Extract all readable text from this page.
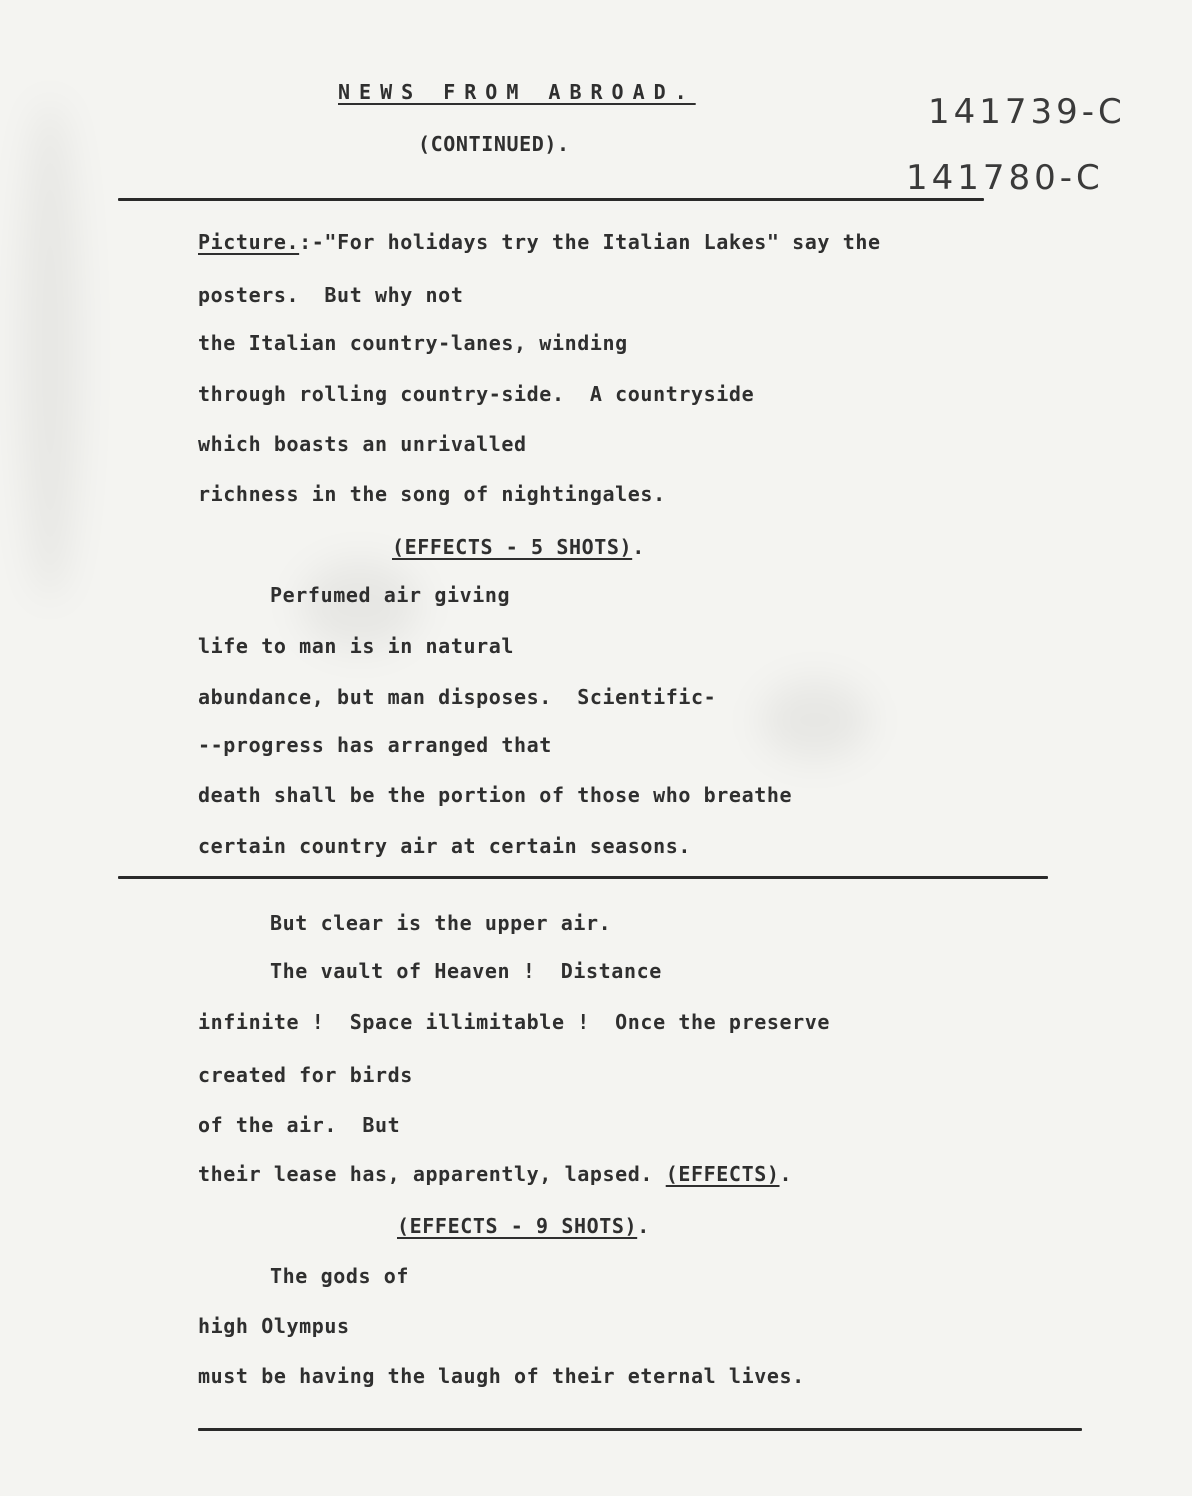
NEWS FROM ABROAD.
(CONTINUED).
141739-C
141780-C
Picture.:-"For holidays try the Italian Lakes" say the
posters.  But why not
the Italian country-lanes, winding
through rolling country-side.  A countryside
which boasts an unrivalled
richness in the song of nightingales.
(EFFECTS - 5 SHOTS).
Perfumed air giving
life to man is in natural
abundance, but man disposes.  Scientific-
--progress has arranged that
death shall be the portion of those who breathe
certain country air at certain seasons.
But clear is the upper air.
The vault of Heaven !  Distance
infinite !  Space illimitable !  Once the preserve
created for birds
of the air.  But
their lease has, apparently, lapsed. (EFFECTS).
(EFFECTS - 9 SHOTS).
The gods of
high Olympus
must be having the laugh of their eternal lives.
